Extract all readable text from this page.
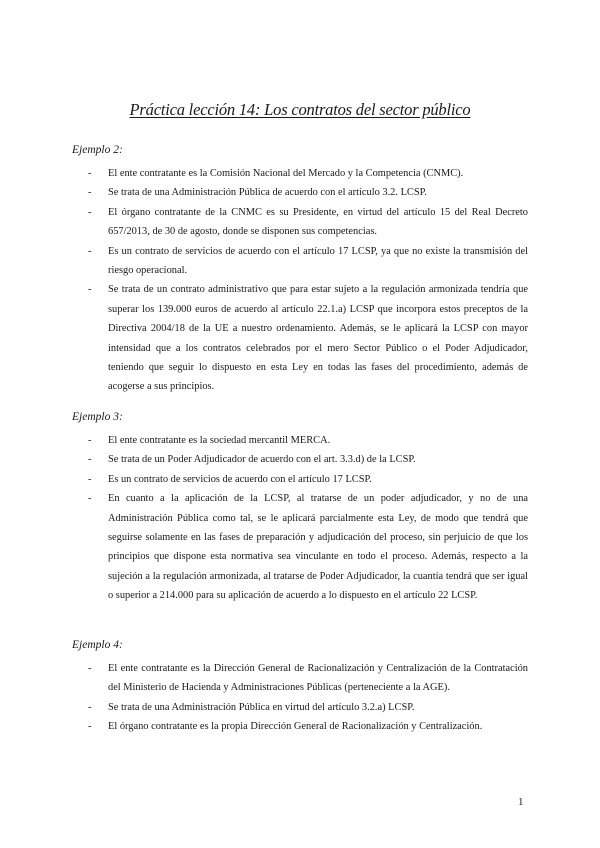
Práctica lección 14: Los contratos del sector público

Ejemplo 2:

- El ente contratante es la Comisión Nacional del Mercado y la Competencia (CNMC).
- Se trata de una Administración Pública de acuerdo con el artículo 3.2. LCSP.
- El órgano contratante de la CNMC es su Presidente, en virtud del artículo 15 del Real Decreto 657/2013, de 30 de agosto, donde se disponen sus competencias.
- Es un contrato de servicios de acuerdo con el artículo 17 LCSP, ya que no existe la transmisión del riesgo operacional.
- Se trata de un contrato administrativo que para estar sujeto a la regulación armonizada tendría que superar los 139.000 euros de acuerdo al artículo 22.1.a) LCSP que incorpora estos preceptos de la Directiva 2004/18 de la UE a nuestro ordenamiento. Además, se le aplicará la LCSP con mayor intensidad que a los contratos celebrados por el mero Sector Público o el Poder Adjudicador, teniendo que seguir lo dispuesto en esta Ley en todas las fases del procedimiento, además de acogerse a sus principios.

Ejemplo 3:

- El ente contratante es la sociedad mercantil MERCA.
- Se trata de un Poder Adjudicador de acuerdo con el art. 3.3.d) de la LCSP.
- Es un contrato de servicios de acuerdo con el artículo 17 LCSP.
- En cuanto a la aplicación de la LCSP, al tratarse de un poder adjudicador, y no de una Administración Pública como tal, se le aplicará parcialmente esta Ley, de modo que tendrá que seguirse solamente en las fases de preparación y adjudicación del proceso, sin perjuicio de que los principios que dispone esta normativa sea vinculante en todo el proceso. Además, respecto a la sujeción a la regulación armonizada, al tratarse de Poder Adjudicador, la cuantía tendrá que ser igual o superior a 214.000 para su aplicación de acuerdo a lo dispuesto en el artículo 22 LCSP.

Ejemplo 4:

- El ente contratante es la Dirección General de Racionalización y Centralización de la Contratación del Ministerio de Hacienda y Administraciones Públicas (perteneciente a la AGE).
- Se trata de una Administración Pública en virtud del artículo 3.2.a) LCSP.
- El órgano contratante es la propia Dirección General de Racionalización y Centralización.
1
